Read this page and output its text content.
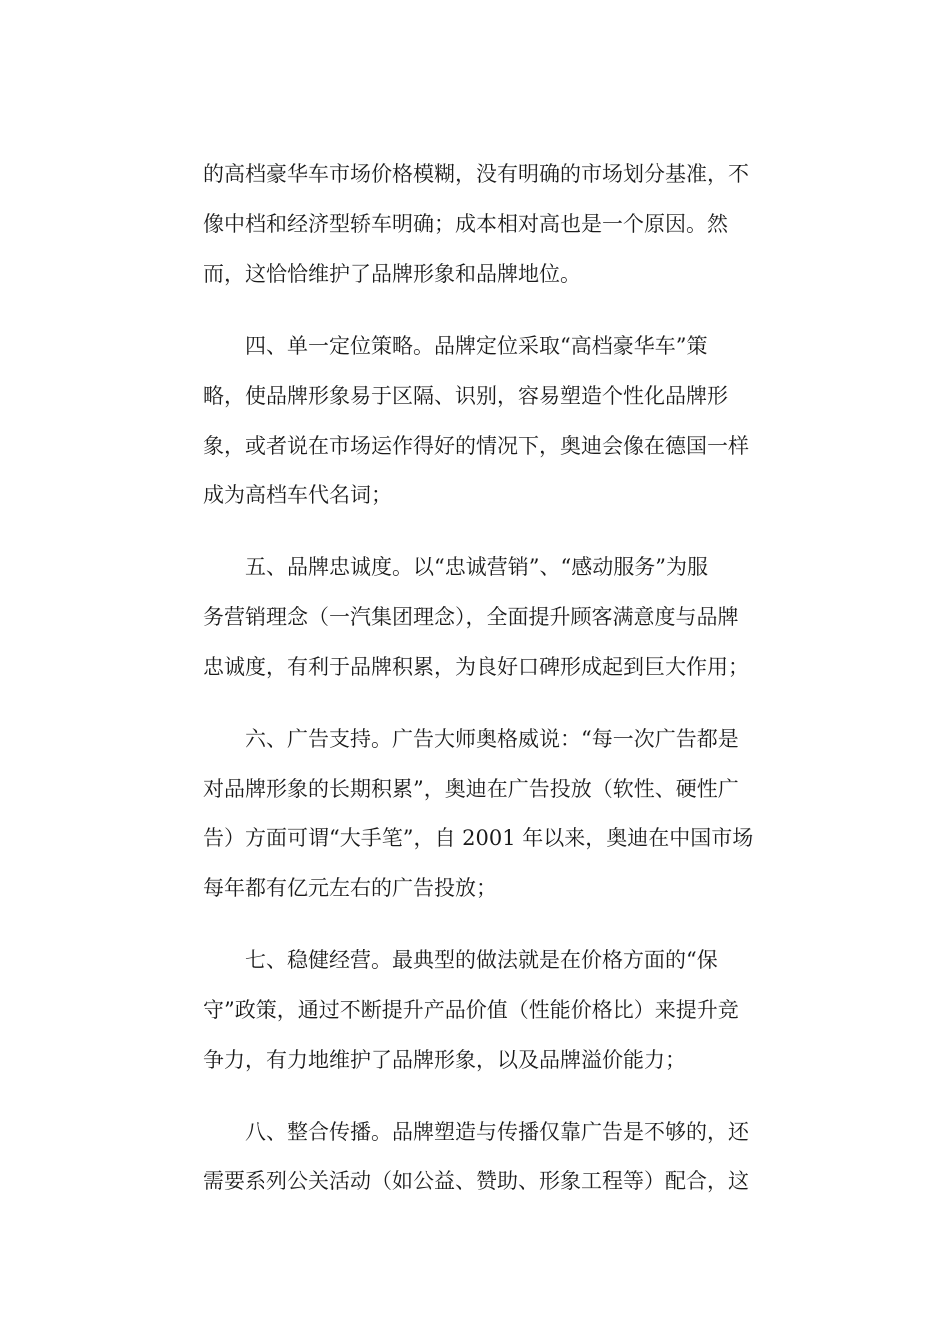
的高档豪华车市场价格模糊，没有明确的市场划分基准，不
像中档和经济型轿车明确；成本相对高也是一个原因。然
而，这恰恰维护了品牌形象和品牌地位。
四、单一定位策略。品牌定位采取“高档豪华车”策
略，使品牌形象易于区隔、识别，容易塑造个性化品牌形
象，或者说在市场运作得好的情况下，奥迪会像在德国一样
成为高档车代名词；
五、品牌忠诚度。以“忠诚营销”、“感动服务”为服
务营销理念（一汽集团理念），全面提升顾客满意度与品牌
忠诚度，有利于品牌积累，为良好口碑形成起到巨大作用；
六、广告支持。广告大师奥格威说：“每一次广告都是
对品牌形象的长期积累”，奥迪在广告投放（软性、硬性广
告）方面可谓“大手笔”，自 2001 年以来，奥迪在中国市场
每年都有亿元左右的广告投放；
七、稳健经营。最典型的做法就是在价格方面的“保
守”政策，通过不断提升产品价值（性能价格比）来提升竞
争力，有力地维护了品牌形象，以及品牌溢价能力；
八、整合传播。品牌塑造与传播仅靠广告是不够的，还
需要系列公关活动（如公益、赞助、形象工程等）配合，这
